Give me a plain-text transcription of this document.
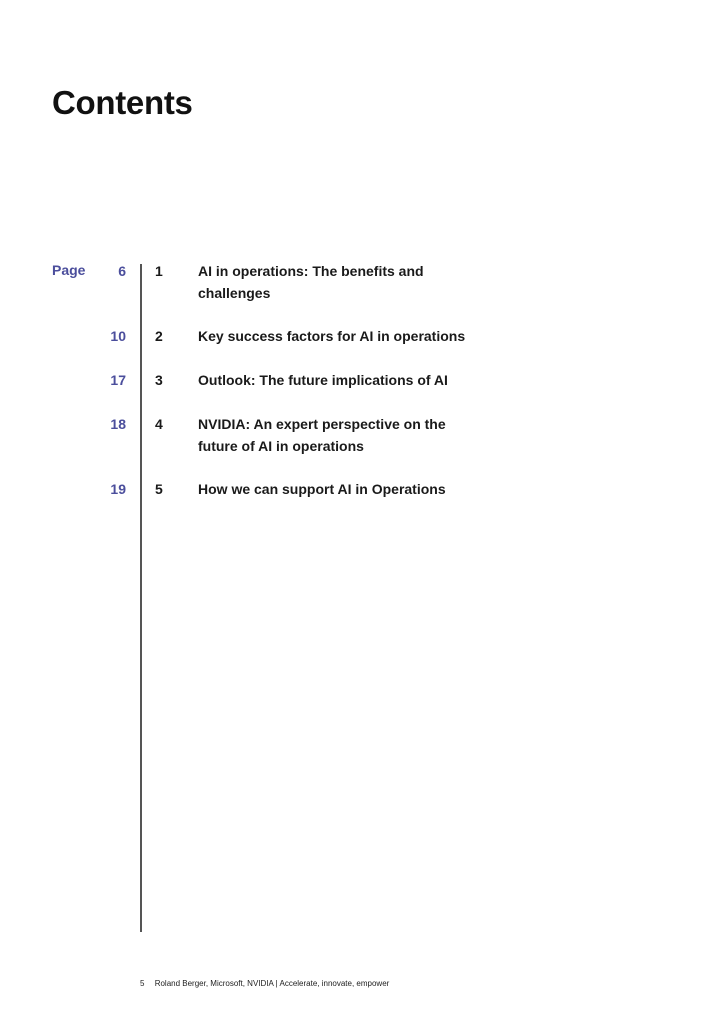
Contents
Page	6 1	AI in operations: The benefits and challenges
10 2	Key success factors for AI in operations
17 3	Outlook: The future implications of AI
18 4	NVIDIA: An expert perspective on the future of AI in operations
19 5	How we can support AI in Operations
5 Roland Berger, Microsoft, NVIDIA | Accelerate, innovate, empower
